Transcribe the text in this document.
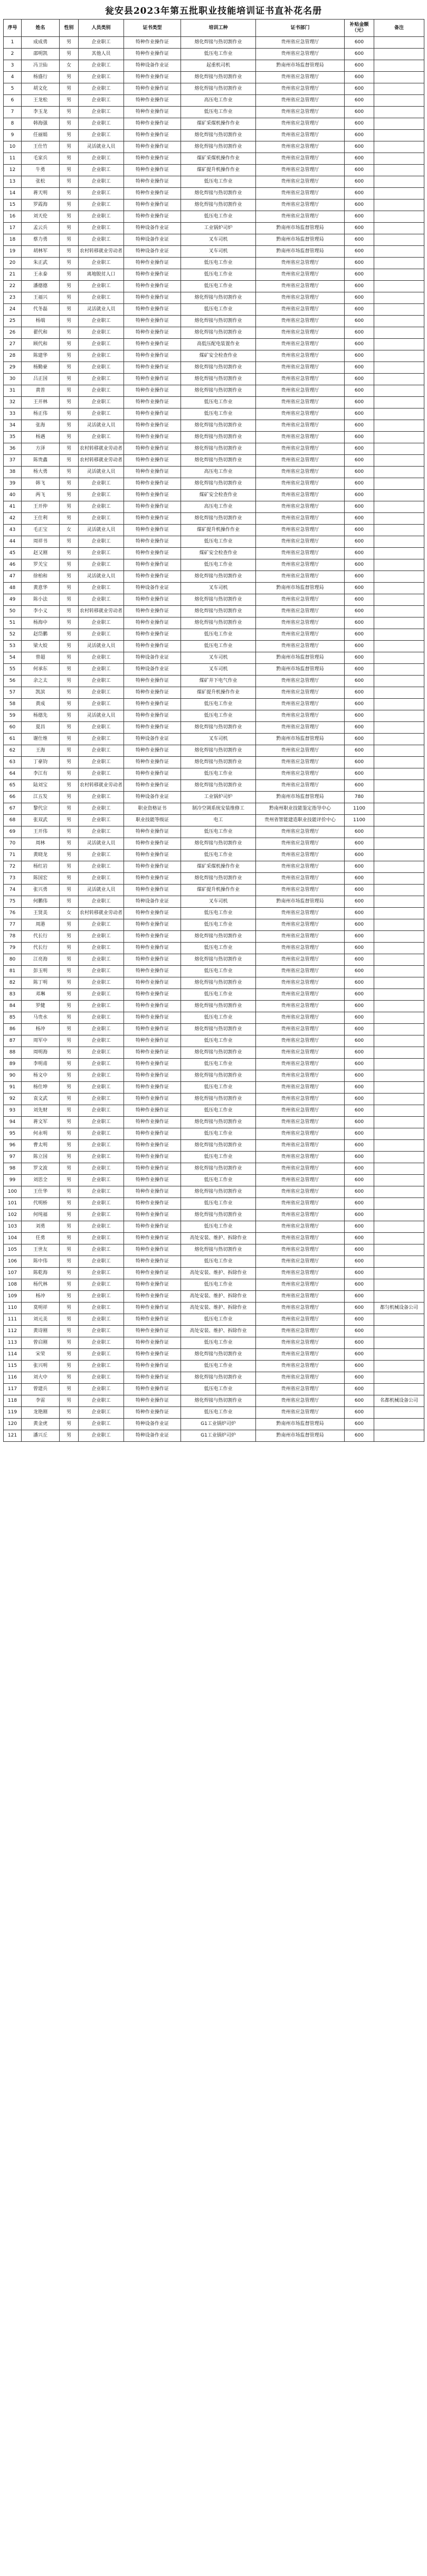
瓮安县2023年第五批职业技能培训证书直补花名册
序号	姓名	性别	人员类别	证书类型	培训工种	证书部门	补贴金额（元）	备注
1	成成勇	男	企业职工	特种作业操作证	熔化焊接与热切割作业	贵州省应急管理厅	600	
2	邵明凯	男	其他人员	特种作业操作证	低压电工作业	贵州省应急管理厅	600	
3	冯卫仙	女	企业职工	特种设备作业证	起重机司机	黔南州市场监督管理局	600	
4	杨盛行	男	企业职工	特种作业操作证	熔化焊接与热切割作业	贵州省应急管理厅	600	
5	胡文化	男	企业职工	特种作业操作证	熔化焊接与热切割作业	贵州省应急管理厅	600	
6	王龙松	男	企业职工	特种作业操作证	高压电工作业	贵州省应急管理厅	600	
7	李玉龙	男	企业职工	特种作业操作证	低压电工作业	贵州省应急管理厅	600	
8	韩海强	男	企业职工	特种作业操作证	煤矿采煤机操作作业	贵州省应急管理厅	600	
9	任丽娟	男	企业职工	特种作业操作证	熔化焊接与热切割作业	贵州省应急管理厅	600	
10	王仕竹	男	灵活就业人员	特种作业操作证	熔化焊接与热切割作业	贵州省应急管理厅	600	
11	毛家兵	男	企业职工	特种作业操作证	煤矿采煤机操作作业	贵州省应急管理厅	600	
12	牛勇	男	企业职工	特种作业操作证	煤矿提升机操作作业	贵州省应急管理厅	600	
13	张松	男	企业职工	特种作业操作证	低压电工作业	贵州省应急管理厅	600	
14	蒋天明	男	企业职工	特种作业操作证	熔化焊接与热切割作业	贵州省应急管理厅	600	
15	罗霞海	男	企业职工	特种作业操作证	熔化焊接与热切割作业	贵州省应急管理厅	600	
16	刘天伦	男	企业职工	特种作业操作证	低压电工作业	贵州省应急管理厅	600	
17	孟云兵	男	企业职工	特种设备作业证	工业锅炉司炉	黔南州市场监督管理局	600	
18	蔡力勇	男	企业职工	特种设备作业证	叉车司机	黔南州市场监督管理局	600	
19	胡林军	男	农村转移就业劳动者	特种设备作业证	叉车司机	黔南州市场监督管理局	600	
20	朱正武	男	企业职工	特种作业操作证	低压电工作业	贵州省应急管理厅	600	
21	王永泰	男	离地脱贫人口	特种作业操作证	低压电工作业	贵州省应急管理厅	600	
22	潘德德	男	企业职工	特种作业操作证	低压电工作业	贵州省应急管理厅	600	
23	王福兴	男	企业职工	特种作业操作证	熔化焊接与热切割作业	贵州省应急管理厅	600	
24	代冬磊	男	灵活就业人员	特种作业操作证	低压电工作业	贵州省应急管理厅	600	
25	杨端	男	企业职工	特种作业操作证	熔化焊接与热切割作业	贵州省应急管理厅	600	
26	翟代和	男	企业职工	特种作业操作证	熔化焊接与热切割作业	贵州省应急管理厅	600	
27	顾代和	男	企业职工	特种作业操作证	高低压配电装置作业	贵州省应急管理厅	600	
28	陈建华	男	企业职工	特种作业操作证	煤矿安全检查作业	贵州省应急管理厅	600	
29	杨勤豪	男	企业职工	特种作业操作证	熔化焊接与热切割作业	贵州省应急管理厅	600	
30	吕正国	男	企业职工	特种作业操作证	熔化焊接与热切割作业	贵州省应急管理厅	600	
31	黄普	男	企业职工	特种作业操作证	熔化焊接与热切割作业	贵州省应急管理厅	600	
32	王开林	男	企业职工	特种作业操作证	低压电工作业	贵州省应急管理厅	600	
33	杨正伟	男	企业职工	特种作业操作证	低压电工作业	贵州省应急管理厅	600	
34	张海	男	灵活就业人员	特种作业操作证	熔化焊接与热切割作业	贵州省应急管理厅	600	
35	杨遇	男	企业职工	特种作业操作证	熔化焊接与热切割作业	贵州省应急管理厅	600	
36	方泽	男	农村转移就业劳动者	特种作业操作证	熔化焊接与热切割作业	贵州省应急管理厅	600	
37	陈贵鑫	男	农村转移就业劳动者	特种作业操作证	熔化焊接与热切割作业	贵州省应急管理厅	600	
38	杨大勇	男	灵活就业人员	特种作业操作证	高压电工作业	贵州省应急管理厅	600	
39	韩飞	男	企业职工	特种作业操作证	熔化焊接与热切割作业	贵州省应急管理厅	600	
40	两飞	男	企业职工	特种作业操作证	煤矿安全检查作业	贵州省应急管理厅	600	
41	王开仲	男	企业职工	特种作业操作证	高压电工作业	贵州省应急管理厅	600	
42	王仕利	男	企业职工	特种作业操作证	熔化焊接与热切割作业	贵州省应急管理厅	600	
43	毛正宝	女	灵活就业人员	特种作业操作证	煤矿提升机操作作业	贵州省应急管理厅	600	
44	周祥书	男	企业职工	特种作业操作证	低压电工作业	贵州省应急管理厅	600	
45	赵又刚	男	企业职工	特种作业操作证	煤矿安全检查作业	贵州省应急管理厅	600	
46	罗关宝	男	企业职工	特种作业操作证	低压电工作业	贵州省应急管理厅	600	
47	徐柏和	男	灵活就业人员	特种作业操作证	熔化焊接与热切割作业	贵州省应急管理厅	600	
48	黄意华	男	企业职工	特种设备作业证	叉车司机	黔南州市场监督管理局	600	
49	陈小法	男	企业职工	特种作业操作证	熔化焊接与热切割作业	贵州省应急管理厅	600	
50	李小义	男	农村转移就业劳动者	特种作业操作证	熔化焊接与热切割作业	贵州省应急管理厅	600	
51	杨海中	男	企业职工	特种作业操作证	熔化焊接与热切割作业	贵州省应急管理厅	600	
52	赵岱鹏	男	企业职工	特种作业操作证	低压电工作业	贵州省应急管理厅	600	
53	梁大姣	男	灵活就业人员	特种作业操作证	低压电工作业	贵州省应急管理厅	600	
54	曾超	男	企业职工	特种设备作业证	叉车司机	黔南州市场监督管理局	600	
55	何承东	男	企业职工	特种设备作业证	叉车司机	黔南州市场监督管理局	600	
56	余之太	男	企业职工	特种作业操作证	煤矿井下电气作业	贵州省应急管理厅	600	
57	凯滨	男	企业职工	特种作业操作证	煤矿提升机操作作业	贵州省应急管理厅	600	
58	黄成	男	企业职工	特种作业操作证	低压电工作业	贵州省应急管理厅	600	
59	杨德先	男	灵活就业人员	特种作业操作证	低压电工作业	贵州省应急管理厅	600	
60	夏昌	男	企业职工	特种作业操作证	熔化焊接与热切割作业	贵州省应急管理厅	600	
61	谢仕维	男	企业职工	特种设备作业证	叉车司机	黔南州市场监督管理局	600	
62	王海	男	企业职工	特种作业操作证	熔化焊接与热切割作业	贵州省应急管理厅	600	
63	丁豪钧	男	企业职工	特种作业操作证	熔化焊接与热切割作业	贵州省应急管理厅	600	
64	李江有	男	企业职工	特种作业操作证	低压电工作业	贵州省应急管理厅	600	
65	陆刘宝	男	农村转移就业劳动者	特种作业操作证	熔化焊接与热切割作业	贵州省应急管理厅	600	
66	江五发	男	企业职工	特种设备作业证	工业锅炉司炉	黔南州市场监督管理局	780	
67	黎代宗	男	企业职工	职业资格证书	制冷空调系统安装维修工	黔南州职业技能鉴定指导中心	1100	
68	张双武	男	企业职工	职业技能等级证	电工	贵州省智能建造职业技能评价中心	1100	
69	王开伟	男	企业职工	特种作业操作证	低压电工作业	贵州省应急管理厅	600	
70	周林	男	灵活就业人员	特种作业操作证	熔化焊接与热切割作业	贵州省应急管理厅	600	
71	黄晓龙	男	企业职工	特种作业操作证	低压电工作业	贵州省应急管理厅	600	
72	杨红岩	男	企业职工	特种作业操作证	煤矿采煤机操作作业	贵州省应急管理厅	600	
73	陈国宏	男	企业职工	特种作业操作证	熔化焊接与热切割作业	贵州省应急管理厅	600	
74	张兴勇	男	灵活就业人员	特种作业操作证	煤矿提升机操作作业	贵州省应急管理厅	600	
75	何鹏伟	男	企业职工	特种设备作业证	叉车司机	黔南州市场监督管理局	600	
76	王贤美	女	农村转移就业劳动者	特种作业操作证	低压电工作业	贵州省应急管理厅	600	
77	周港	男	企业职工	特种作业操作证	低压电工作业	贵州省应急管理厅	600	
78	代长行	男	企业职工	特种作业操作证	熔化焊接与热切割作业	贵州省应急管理厅	600	
79	代长行	男	企业职工	特种作业操作证	低压电工作业	贵州省应急管理厅	600	
80	江亮海	男	企业职工	特种作业操作证	熔化焊接与热切割作业	贵州省应急管理厅	600	
81	彭玉明	男	企业职工	特种作业操作证	低压电工作业	贵州省应急管理厅	600	
82	陈丁明	男	企业职工	特种作业操作证	熔化焊接与热切割作业	贵州省应急管理厅	600	
83	邓琳	男	企业职工	特种作业操作证	低压电工作业	贵州省应急管理厅	600	
84	罗健	男	企业职工	特种作业操作证	熔化焊接与热切割作业	贵州省应急管理厅	600	
85	马贵水	男	企业职工	特种作业操作证	低压电工作业	贵州省应急管理厅	600	
86	杨冲	男	企业职工	特种作业操作证	熔化焊接与热切割作业	贵州省应急管理厅	600	
87	周军中	男	企业职工	特种作业操作证	低压电工作业	贵州省应急管理厅	600	
88	周明海	男	企业职工	特种作业操作证	熔化焊接与热切割作业	贵州省应急管理厅	600	
89	李明甫	男	企业职工	特种作业操作证	低压电工作业	贵州省应急管理厅	600	
90	杨文中	男	企业职工	特种作业操作证	熔化焊接与热切割作业	贵州省应急管理厅	600	
91	杨仕坤	男	企业职工	特种作业操作证	低压电工作业	贵州省应急管理厅	600	
92	袁文武	男	企业职工	特种作业操作证	熔化焊接与热切割作业	贵州省应急管理厅	600	
93	刘先财	男	企业职工	特种作业操作证	低压电工作业	贵州省应急管理厅	600	
94	蒋文军	男	企业职工	特种作业操作证	熔化焊接与热切割作业	贵州省应急管理厅	600	
95	何永明	男	企业职工	特种作业操作证	低压电工作业	贵州省应急管理厅	600	
96	曹太明	男	企业职工	特种作业操作证	熔化焊接与热切割作业	贵州省应急管理厅	600	
97	陈立国	男	企业职工	特种作业操作证	低压电工作业	贵州省应急管理厅	600	
98	罗文波	男	企业职工	特种作业操作证	熔化焊接与热切割作业	贵州省应急管理厅	600	
99	刘思全	男	企业职工	特种作业操作证	低压电工作业	贵州省应急管理厅	600	
100	王仕华	男	企业职工	特种作业操作证	熔化焊接与热切割作业	贵州省应急管理厅	600	
101	代明桥	男	企业职工	特种作业操作证	低压电工作业	贵州省应急管理厅	600	
102	何纯福	男	企业职工	特种作业操作证	熔化焊接与热切割作业	贵州省应急管理厅	600	
103	刘勇	男	企业职工	特种作业操作证	低压电工作业	贵州省应急管理厅	600	
104	任勇	男	企业职工	特种作业操作证	高处安装、维护、拆除作业	贵州省应急管理厅	600	
105	王世友	男	企业职工	特种作业操作证	熔化焊接与热切割作业	贵州省应急管理厅	600	
106	陈中伟	男	企业职工	特种作业操作证	低压电工作业	贵州省应急管理厅	600	
107	陈乾海	男	企业职工	特种作业操作证	高处安装、维护、拆除作业	贵州省应急管理厅	600	
108	杨代林	男	企业职工	特种作业操作证	低压电工作业	贵州省应急管理厅	600	
109	杨冲	男	企业职工	特种作业操作证	高处安装、维护、拆除作业	贵州省应急管理厅	600	
110	莫明祥	男	企业职工	特种作业操作证	高处安装、维护、拆除作业	贵州省应急管理厅	600	都匀机械设备公司
111	刘元美	男	企业职工	特种作业操作证	低压电工作业	贵州省应急管理厅	600	
112	黄诗刚	男	企业职工	特种作业操作证	高处安装、维护、拆除作业	贵州省应急管理厅	600	
113	曾启刚	男	企业职工	特种作业操作证	低压电工作业	贵州省应急管理厅	600	
114	宋荣	男	企业职工	特种作业操作证	熔化焊接与热切割作业	贵州省应急管理厅	600	
115	张兴明	男	企业职工	特种作业操作证	低压电工作业	贵州省应急管理厅	600	
116	刘大中	男	企业职工	特种作业操作证	熔化焊接与热切割作业	贵州省应急管理厅	600	
117	曾建兵	男	企业职工	特种作业操作证	低压电工作业	贵州省应急管理厅	600	
118	李雷	男	企业职工	特种作业操作证	熔化焊接与热切割作业	贵州省应急管理厅	600	名都机械设备公司
119	龙艳刚	男	企业职工	特种作业操作证	低压电工作业	贵州省应急管理厅	600	
120	黄金虎	男	企业职工	特种设备作业证	G1工业锅炉司炉	黔南州市场监督管理局	600	
121	潘兴丘	男	企业职工	特种设备作业证	G1工业锅炉司炉	黔南州市场监督管理局	600	
